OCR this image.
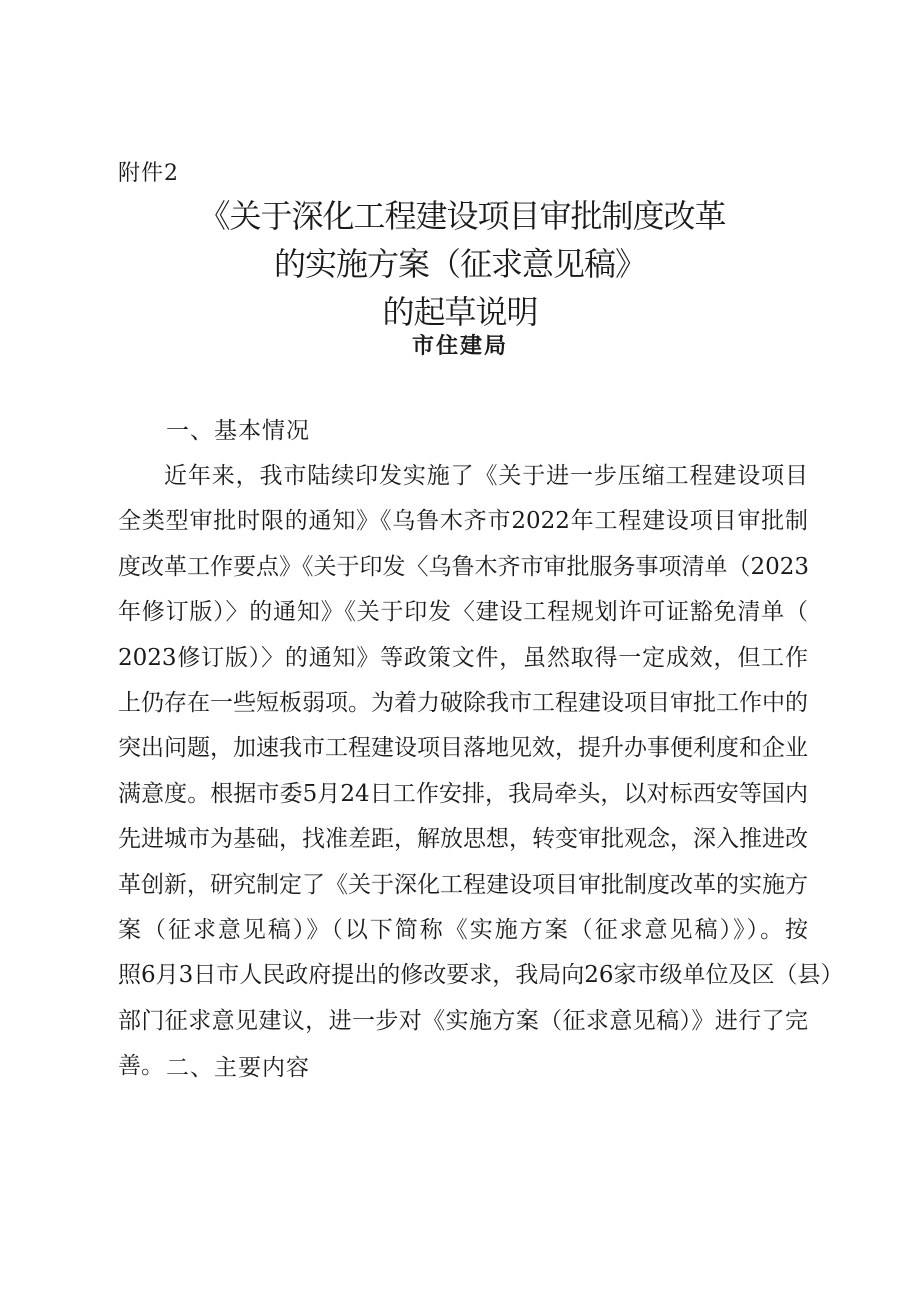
附件2
《关于深化工程建设项目审批制度改革
的实施方案（征求意见稿》
的起草说明
市住建局
一、基本情况
近年来，我市陆续印发实施了《关于进一步压缩工程建设项目
全类型审批时限的通知》《乌鲁木齐市2022年工程建设项目审批制
度改革工作要点》《关于印发〈乌鲁木齐市审批服务事项清单（2023
年修订版）〉的通知》《关于印发〈建设工程规划许可证豁免清单（
2023修订版）〉的通知》等政策文件，虽然取得一定成效，但工作
上仍存在一些短板弱项。为着力破除我市工程建设项目审批工作中的
突出问题，加速我市工程建设项目落地见效，提升办事便利度和企业
满意度。根据市委5月24日工作安排，我局牵头，以对标西安等国内
先进城市为基础，找准差距，解放思想，转变审批观念，深入推进改
革创新，研究制定了《关于深化工程建设项目审批制度改革的实施方
案（征求意见稿）》（以下简称《实施方案（征求意见稿）》）。按
照6月3日市人民政府提出的修改要求，我局向26家市级单位及区（县）
部门征求意见建议，进一步对《实施方案（征求意见稿）》进行了完
善。 二、主要内容
